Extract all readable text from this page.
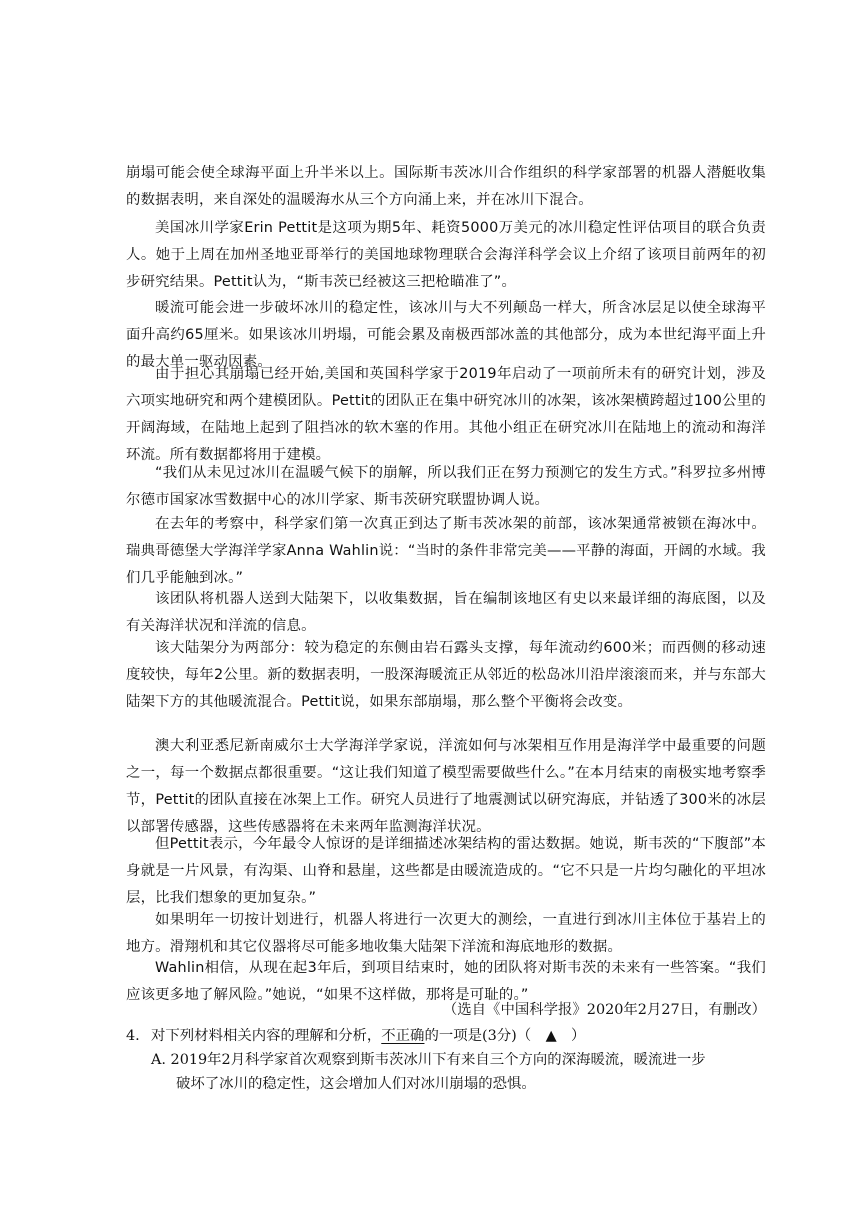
崩塌可能会使全球海平面上升半米以上。国际斯韦茨冰川合作组织的科学家部署的机器人潜艇收集的数据表明，来自深处的温暖海水从三个方向涌上来，并在冰川下混合。

美国冰川学家Erin Pettit是这项为期5年、耗资5000万美元的冰川稳定性评估项目的联合负责人。她于上周在加州圣地亚哥举行的美国地球物理联合会海洋科学会议上介绍了该项目前两年的初步研究结果。Pettit认为，“斯韦茨已经被这三把枪瞄准了”。

暖流可能会进一步破坏冰川的稳定性，该冰川与大不列颠岛一样大，所含冰层足以使全球海平面升高约65厘米。如果该冰川坍塌，可能会累及南极西部冰盖的其他部分，成为本世纪海平面上升的最大单一驱动因素。

由于担心其崩塌已经开始,美国和英国科学家于2019年启动了一项前所未有的研究计划，涉及六项实地研究和两个建模团队。Pettit的团队正在集中研究冰川的冰架，该冰架横跨超过100公里的开阔海域，在陆地上起到了阻挡冰的软木塞的作用。其他小组正在研究冰川在陆地上的流动和海洋环流。所有数据都将用于建模。

“我们从未见过冰川在温暖气候下的崩解，所以我们正在努力预测它的发生方式。”科罗拉多州博尔德市国家冰雪数据中心的冰川学家、斯韦茨研究联盟协调人说。

在去年的考察中，科学家们第一次真正到达了斯韦茨冰架的前部，该冰架通常被锁在海冰中。瑞典哥德堡大学海洋学家Anna Wahlin说：“当时的条件非常完美——平静的海面，开阔的水域。我们几乎能触到冰。”

该团队将机器人送到大陆架下，以收集数据，旨在编制该地区有史以来最详细的海底图，以及有关海洋状况和洋流的信息。

该大陆架分为两部分：较为稳定的东侧由岩石露头支撑，每年流动约600米；而西侧的移动速度较快，每年2公里。新的数据表明，一股深海暖流正从邻近的松岛冰川沿岸滚滚而来，并与东部大陆架下方的其他暖流混合。Pettit说，如果东部崩塌，那么整个平衡将会改变。

澳大利亚悉尼新南威尔士大学海洋学家说，洋流如何与冰架相互作用是海洋学中最重要的问题之一，每一个数据点都很重要。“这让我们知道了模型需要做些什么。”在本月结束的南极实地考察季节，Pettit的团队直接在冰架上工作。研究人员进行了地震测试以研究海底，并钻透了300米的冰层以部署传感器，这些传感器将在未来两年监测海洋状况。

但Pettit表示，今年最令人惊讶的是详细描述冰架结构的雷达数据。她说，斯韦茨的“下腹部”本身就是一片风景，有沟渠、山脊和悬崖，这些都是由暖流造成的。“它不只是一片均匀融化的平坦冰层，比我们想象的更加复杂。”

如果明年一切按计划进行，机器人将进行一次更大的测绘，一直进行到冰川主体位于基岩上的地方。滑翔机和其它仪器将尽可能多地收集大陆架下洋流和海底地形的数据。

Wahlin相信，从现在起3年后，到项目结束时，她的团队将对斯韦茨的未来有一些答案。“我们应该更多地了解风险。”她说，“如果不这样做，那将是可耻的。”

（选自《中国科学报》2020年2月27日，有删改）
4. 对下列材料相关内容的理解和分析，不正确的一项是(3分)（　▲　）
A. 2019年2月科学家首次观察到斯韦茨冰川下有来自三个方向的深海暖流，暖流进一步
破坏了冰川的稳定性，这会增加人们对冰川崩塌的恐惧。
